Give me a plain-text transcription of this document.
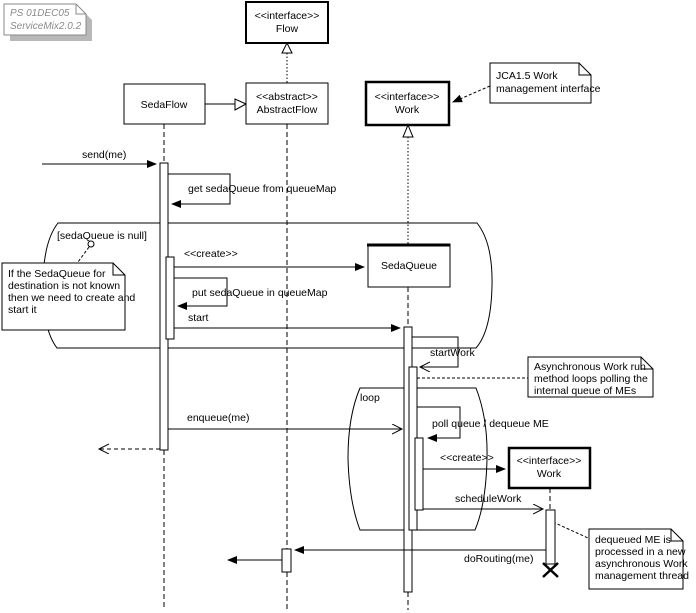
<<interface>>
Flow
SedaFlow
<<abstract>>
AbstractFlow
<<interface>>
Work
SedaQueue
<<interface>>
Work
PS 01DEC05
ServiceMix2.0.2
JCA1.5 Work
management interface
If the SedaQueue for
destination is not known
then we need to create and
start it
Asynchronous Work run
method loops polling the
internal queue of MEs
dequeued ME is
processed in a new
asynchronous Work
management thread
send(me)
get sedaQueue from queueMap
[sedaQueue is null]
<<create>>
put sedaQueue in queueMap
start
startWork
loop
enqueue(me)	poll queue / dequeue ME
<<create>>
scheduleWork
doRouting(me)
